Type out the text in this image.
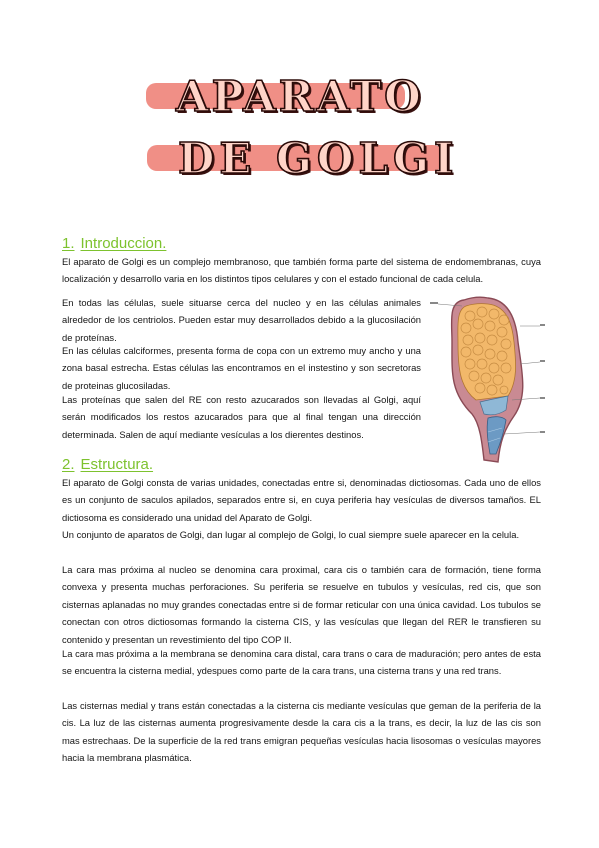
APARATO
DE GOLGI
1. Introduccion.
El aparato de Golgi es un complejo membranoso, que también forma parte del sistema de endomembranas, cuya localización y desarrollo varia en los distintos tipos celulares y con el estado funcional de cada celula.
En todas las células, suele situarse cerca del nucleo y en las células animales alrededor de los centriolos. Pueden estar muy desarrollados debido a la glucosilación de proteínas.
En las células calciformes, presenta forma de copa con un extremo muy ancho y una zona basal estrecha. Estas células las encontramos en el instestino y son secretoras de proteinas glucosiladas.
Las proteínas que salen del RE con resto azucarados son llevadas al Golgi, aquí serán modificados los restos azucarados para que al final tengan una dirección determinada. Salen de aquí mediante vesículas a los dierentes destinos.
2. Estructura.
El aparato de Golgi consta de varias unidades, conectadas entre si, denominadas dictiosomas. Cada uno de ellos es un conjunto de saculos apilados, separados entre si, en cuya periferia hay vesículas de diversos tamaños. EL dictiosoma es considerado una unidad del Aparato de Golgi.
Un conjunto de aparatos de Golgi, dan lugar al complejo de Golgi, lo cual siempre suele aparecer en la celula.
La cara mas próxima al nucleo se denomina cara proximal, cara cis o también cara de formación, tiene forma convexa y presenta muchas perforaciones. Su periferia se resuelve en tubulos y vesículas, red cis, que son cisternas aplanadas no muy grandes conectadas entre si de formar reticular con una única cavidad. Los tubulos se conectan con otros dictiosomas formando la cisterna CIS, y las vesículas que llegan del RER le transfieren su contenido y presentan un revestimiento del tipo COP II.
La cara mas próxima a la membrana se denomina cara distal, cara trans o cara de maduración; pero antes de esta se encuentra la cisterna medial, ydespues como parte de la cara trans, una cisterna trans y una red trans.
Las cisternas medial y trans están conectadas a la cisterna cis mediante vesículas que geman de la periferia de la cis. La luz de las cisternas aumenta progresivamente desde la cara cis a la trans, es decir, la luz de las cis son mas estrechaas. De la superficie de la red trans emigran pequeñas vesículas hacia lisosomas o vesículas mayores hacia la membrana plasmática.
